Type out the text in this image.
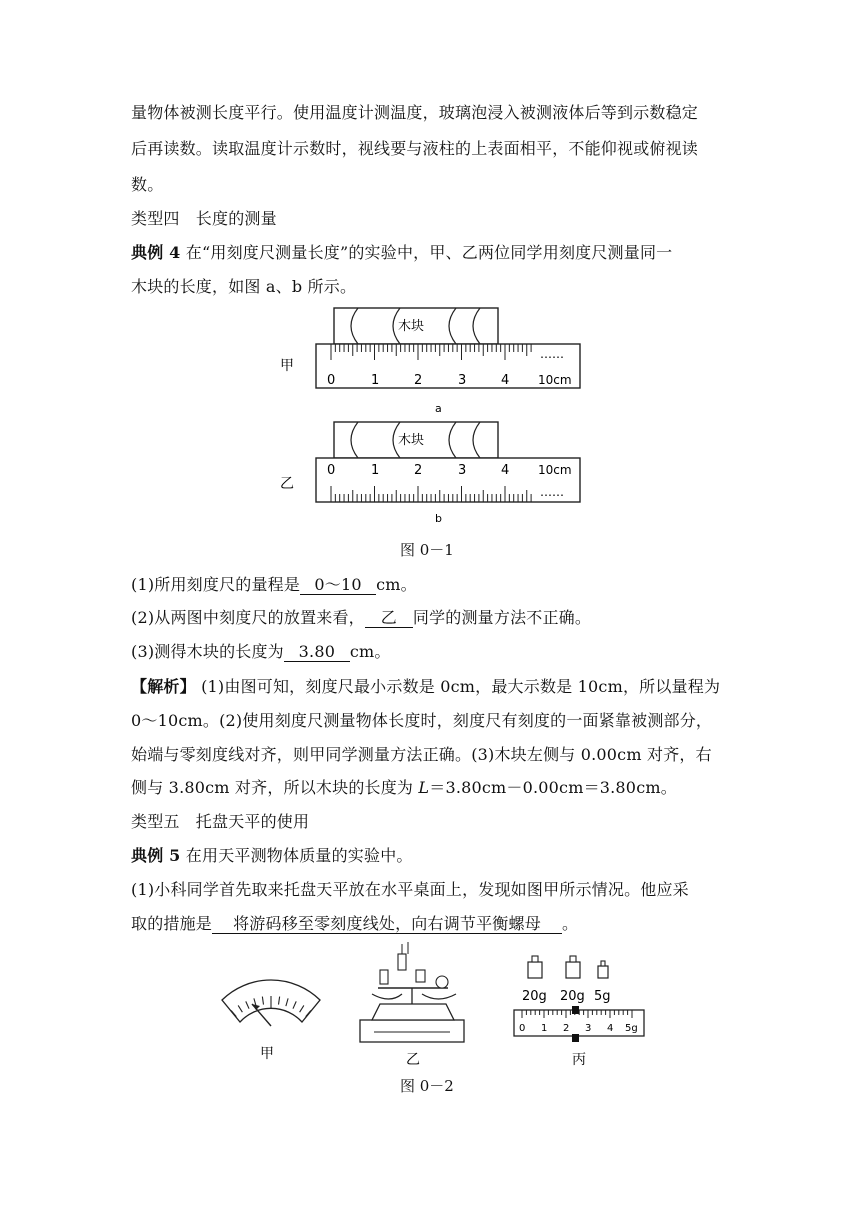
量物体被测长度平行。使用温度计测温度，玻璃泡浸入被测液体后等到示数稳定
后再读数。读取温度计示数时，视线要与液柱的上表面相平，不能仰视或俯视读
数。
类型四　长度的测量
典例 4 在“用刻度尺测量长度”的实验中，甲、乙两位同学用刻度尺测量同一
木块的长度，如图 a、b 所示。
木块
……
0	1	2	3	4 10cm
甲
a
木块
0	1	2	3	4 10cm
……
乙
b
图 0－1
(1)所用刻度尺的量程是 0～10 cm。
(2)从两图中刻度尺的放置来看， 乙 同学的测量方法不正确。
(3)测得木块的长度为 3.80 cm。
【解析】 (1)由图可知，刻度尺最小示数是 0cm，最大示数是 10cm，所以量程为
0～10cm。(2)使用刻度尺测量物体长度时，刻度尺有刻度的一面紧靠被测部分，
始端与零刻度线对齐，则甲同学测量方法正确。(3)木块左侧与 0.00cm 对齐，右
侧与 3.80cm 对齐，所以木块的长度为 L＝3.80cm－0.00cm＝3.80cm。
类型五　托盘天平的使用
典例 5 在用天平测物体质量的实验中。
(1)小科同学首先取来托盘天平放在水平桌面上，发现如图甲所示情况。他应采
取的措施是 将游码移至零刻度线处，向右调节平衡螺母 。
甲	乙
20g 20g 5g
0 1 2 3 4 5g
丙
图 0－2
